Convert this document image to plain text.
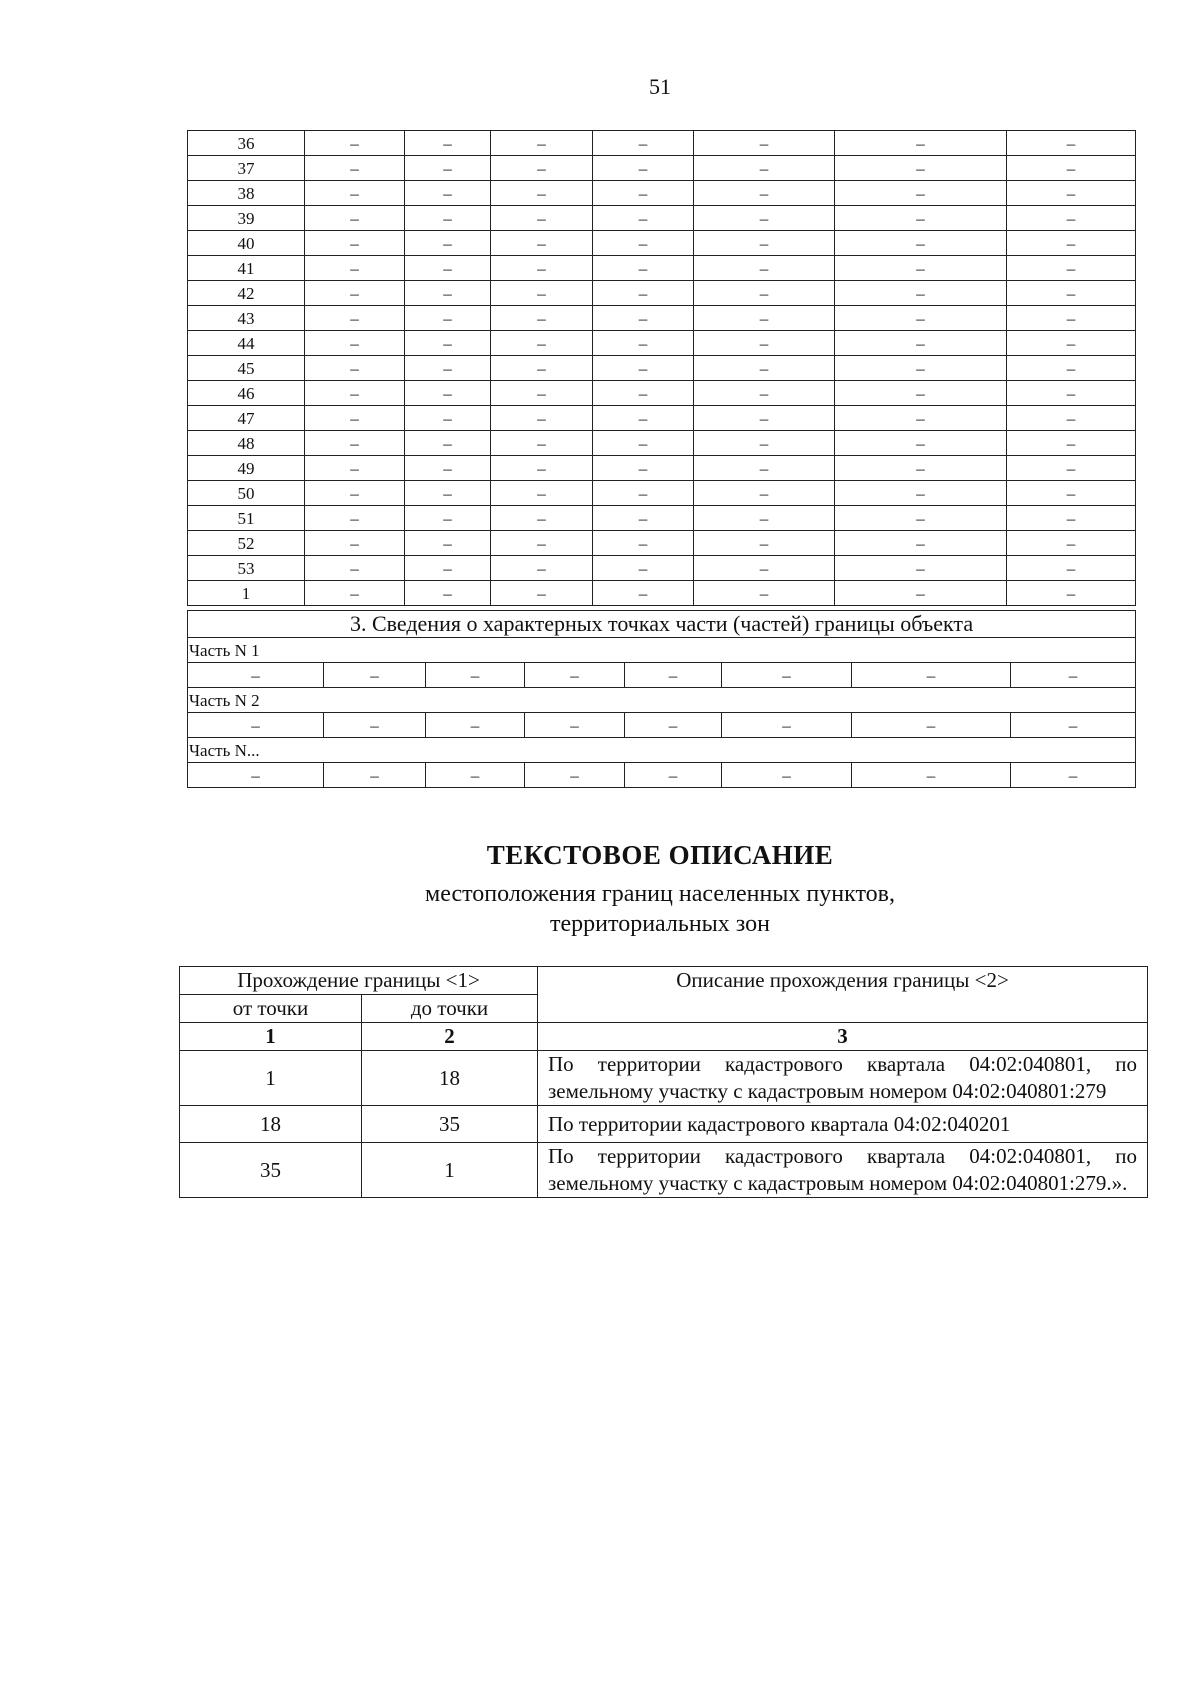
51
36	–	–	–	–	–	–	–
37	–	–	–	–	–	–	–
38	–	–	–	–	–	–	–
39	–	–	–	–	–	–	–
40	–	–	–	–	–	–	–
41	–	–	–	–	–	–	–
42	–	–	–	–	–	–	–
43	–	–	–	–	–	–	–
44	–	–	–	–	–	–	–
45	–	–	–	–	–	–	–
46	–	–	–	–	–	–	–
47	–	–	–	–	–	–	–
48	–	–	–	–	–	–	–
49	–	–	–	–	–	–	–
50	–	–	–	–	–	–	–
51	–	–	–	–	–	–	–
52	–	–	–	–	–	–	–
53	–	–	–	–	–	–	–
1	–	–	–	–	–	–	–
3. Сведения о характерных точках части (частей) границы объекта							
Часть N 1							
–	–	–	–	–	–	–	–
Часть N 2							
–	–	–	–	–	–	–	–
Часть N...							
–	–	–	–	–	–	–	–
ТЕКСТОВОЕ ОПИСАНИЕ
местоположения границ населенных пунктов,
территориальных зон
Прохождение границы <1>		Описание прохождения границы <2>
от точки	до точки	
1	2	3
1	18	По территории кадастрового квартала 04:02:040801, по земельному участку с кадастровым номером 04:02:040801:279
18	35	По территории кадастрового квартала 04:02:040201
35	1	По территории кадастрового квартала 04:02:040801, по земельному участку с кадастровым номером 04:02:040801:279.».
